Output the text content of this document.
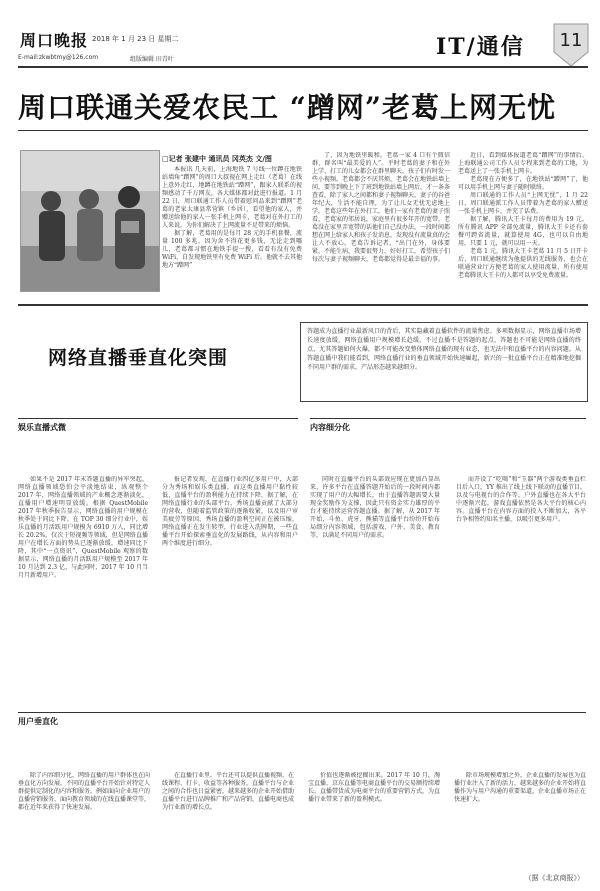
周口晚报 2018 年 1 月 23 日 星期二
E-mail:zkwbtmy@126.com	组版编辑 田青叶	IT/通信 11
周口联通关爱农民工 “蹭网”老葛上网无忧
□记者 张建中 通讯员 冈英杰 文/图

本报讯 几天前，上海地铁 7 号线一位蹲在地铁站墙角“蹭网”的周口大叔视在网上走红（老葛）在线上意外走红，地蹲在地铁站“蹭网”，跟家人联系的视频感动了千万网友，各大媒体都对此进行报道。1 月 22 日，周口联通工作人员带着慰问品来到“蹭网”老葛的老家太康县常营镇（乡居），看望他的家人，并赠送给他的家人一张手机上网卡，老葛对在外打工的人来说，为你们解决了上网流量不足带来的烦恼。

据了解，老葛用的是每月 28 元的手机套餐，流量 100 多兆，因为舍不得花更多钱，无论走到哪儿，老葛都习惯在地铁手提一搜，看看有没有免费 WiFi，自发现地铁里有免费 WiFi 后，他就不去其他地方“蹭网”

了，因为地铁里暖和。老葛一家 4 口有个微信群，群名叫“最美爱的人”。平时老葛的妻子和在外上学、打工的儿女都会在群里聊天，孩子们有时发一些小视频，老葛都会不厌其烦，老葛会在地铁站墙上问，要等到晚上下了班到地铁站墙上网后，才一条条查看，除了家人之间都和妻子视频聊天。妻子的谷爸年纪大，生活不能自理，为了让儿女无忧无虑地上学，老葛这些年在外打工，他们一家有老葛的妻子照看，老葛家的邻居说，家庭里有很多年开的宽带，老葛没在家里弄宽带的话他们自己没办法，一段时间都想在网上给家人和孩子发消息，发现没有流量真的会让人不放心。老葛告诉记者，“出门在外，身体要紧，不能生病，我要很努力，好好打工，希望孩子们每次与妻子视频聊天，老葛都觉得是最幸福的事。

近日，看到媒体报道老葛“蹭网”的事情后，上海联通公司工作人员专程来到老葛的工地，为老葛送上了一张手机上网卡。

老葛现在方便多了，在地铁站“蹭网”了，他可以用手机上网与妻子随时联络。

周口联通的工作人员“上网无忧”，1 月 22 日，周口联通派工作人员带着为老葛的家人赠送一张手机上网卡，并充了话费。

据了解，腾讯大王卡每月的费用为 19 元，所有腾讯 APP 全部免流量，腾讯大王卡还有套餐可跨省流量，就算使用 4G，也可以自由地用，只要 1 元，就可以用一天。

老葛 1 元，腾讯大王卡老葛 11 月 5 日开卡后，周口联通继续为他提供的无线服务，也会在联通营业厅方便老葛的家人使用流量，所有使用老葛腾讯大王卡的人都可以享受免费流量。

网络直播垂直化突围
答题成为直播行业最新风口的背后，其实隐藏着直播软件的流量焦虑。多项数据显示，网络直播市场增长速度放缓，网络直播用户规模增长趋缓，不过直播不是答题的起点，答题也不可能是网络直播的终点，尤其答题如何火爆，都不可能改变整体网络直播的现有业态，也无法中和直播平台的内容问题。从答题直播中我们能看到，网络直播行业的垂直领域开始快速崛起，新兴的一批直播平台正在精准地挖掘不同用户群的需求，产品形态越来越细分。
娱乐直播式微

如果不是 2017 年末答题直播的异军突起，网络直播领域恐怕会平淡地结束，纵观整个 2017 年，网络直播领域的产业概念逐渐淡化，直播用户增速明显放缓。根据 QuestMobile 2017 年秋季报告显示，网络直播的用户规模在秋季处于同比下降。在 TOP 30 细分行业中，娱乐直播的月活跃用户规模为 6910 万人，同比增长 20.2%，仅次于短视频等领域，但是网络直播用户在增长方面的势头已逐渐放缓，增速同比下降，其中“一点资讯”，QuestMobile 观察的数据显示，网络直播的月活跃用户规模至 2017 年 10 月达到 2.3 亿，与此同时，2017 年 10 月当月月新增用户。

报记者发现，在直播行业四亿多用户中，大部分为秀场和娱乐类直播，而这类直播用户黏性较低，直播平台的盈利能力在持续下降，据了解，在网络直播行业的头部平台，秀场直播贡献了大部分的营收，但随着监管政策的逐渐收紧，以及用户审美疲劳等原因，秀场直播的盈利空间正在被压缩，网络直播正在发生转型，行业进入洗牌期，一些直播平台开始探索垂直化的发展路线，从内容和用户两个维度进行细分。

内容细分化

同时在直播平台的头部效应现在更加凸显出来，许多平台在直播答题开始后的一段时间内都实现了用户的大幅增长，由于直播答题需要大量现金奖励作为支撑，因此只有资金实力雄厚的平台才能持续运营答题直播。据了解，从 2017 年开始，斗鱼、虎牙、熊猫等直播平台纷纷开始布局细分内容领域，包括游戏、户外、美食、教育等，以满足不同用户的需求。

而开设了“吃喝”和“玉器”两个游戏类垂直栏目后入口，YY 推出了线上线下联动的直播节目，以及与电视台的合作等，户外直播也在各大平台中逐渐兴起，游戏直播依然是各大平台的核心内容。直播平台在内容方面的投入不断加大，各平台争相签约知名主播，以吸引更多用户。

用户垂直化

除了内容细分化，网络直播的用户群体也在向垂直化方向发展，不同的直播平台开始针对特定人群提供定制化的内容和服务，例如面向企业用户的直播营销服务、面向教育领域的在线直播课堂等，都在近年来获得了快速发展。

在直播行业里，平台还可以提供直播视频、在线课程、打卡、收益等各种服务，直播平台与企业之间的合作也日益紧密，越来越多的企业开始借助直播平台进行品牌推广和产品营销，直播电商也成为行业新的增长点。

价值也逐渐被挖掘出来。2017 年 10 月，淘宝直播、京东直播等电商直播平台的交易额持续增长，直播带货成为电商平台的重要营销方式，为直播行业带来了新的盈利模式。

除市场规模增加之外，企业直播的发展也为直播行业注入了新的活力，越来越多的企业开始将直播作为与用户沟通的重要渠道，企业直播市场正在快速扩大。

（据《北京商报》）
